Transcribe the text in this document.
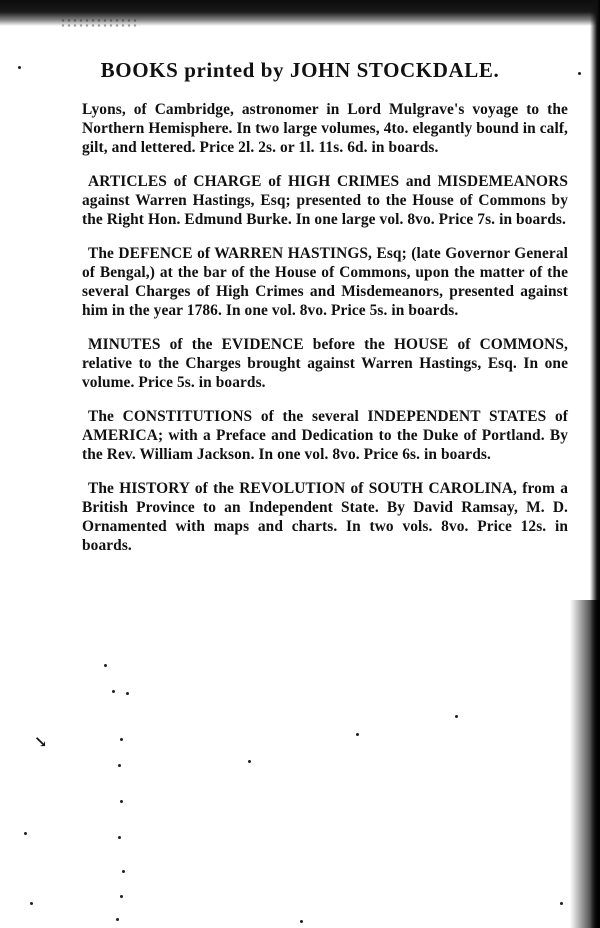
BOOKS printed by JOHN STOCKDALE.

Lyons, of Cambridge, astronomer in Lord Mulgrave's voyage to the Northern Hemisphere. In two large volumes, 4to. elegantly bound in calf, gilt, and lettered. Price 2l. 2s. or 1l. 11s. 6d. in boards.

ARTICLES of CHARGE of HIGH CRIMES and MISDEMEANORS against Warren Hastings, Esq; presented to the House of Commons by the Right Hon. Edmund Burke. In one large vol. 8vo. Price 7s. in boards.

The DEFENCE of WARREN HASTINGS, Esq; (late Governor General of Bengal,) at the bar of the House of Commons, upon the matter of the several Charges of High Crimes and Misdemeanors, presented against him in the year 1786. In one vol. 8vo. Price 5s. in boards.

MINUTES of the EVIDENCE before the HOUSE of COMMONS, relative to the Charges brought against Warren Hastings, Esq. In one volume. Price 5s. in boards.

The CONSTITUTIONS of the several INDEPENDENT STATES of AMERICA; with a Preface and Dedication to the Duke of Portland. By the Rev. William Jackson. In one vol. 8vo. Price 6s. in boards.

The HISTORY of the REVOLUTION of SOUTH CAROLINA, from a British Province to an Independent State. By David Ramsay, M. D. Ornamented with maps and charts. In two vols. 8vo. Price 12s. in boards.

↘
